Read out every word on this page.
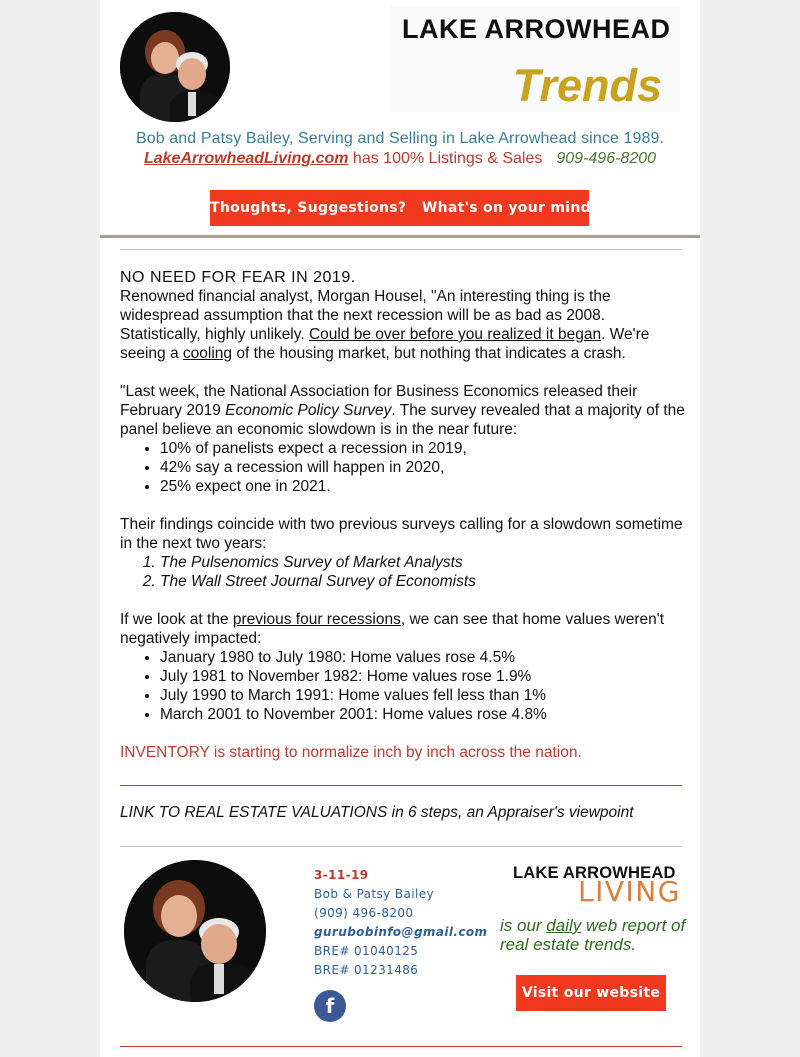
LAKE ARROWHEAD
Trends
Bob and Patsy Bailey, Serving and Selling in Lake Arrowhead since 1989.
LakeArrowheadLiving.com has 100% Listings & Sales 909-496-8200
Thoughts, Suggestions?   What's on your mind?

NO NEED FOR FEAR IN 2019.

Renowned financial analyst, Morgan Housel, "An interesting thing is the widespread assumption that the next recession will be as bad as 2008. Statistically, highly unlikely. Could be over before you realized it began. We're seeing a cooling of the housing market, but nothing that indicates a crash.

"Last week, the National Association for Business Economics released their February 2019 Economic Policy Survey. The survey revealed that a majority of the panel believe an economic slowdown is in the near future:

• 10% of panelists expect a recession in 2019,
• 42% say a recession will happen in 2020,
• 25% expect one in 2021.

Their findings coincide with two previous surveys calling for a slowdown sometime in the next two years:

1. The Pulsenomics Survey of Market Analysts
2. The Wall Street Journal Survey of Economists

If we look at the previous four recessions, we can see that home values weren't negatively impacted:

• January 1980 to July 1980: Home values rose 4.5%
• July 1981 to November 1982: Home values rose 1.9%
• July 1990 to March 1991: Home values fell less than 1%
• March 2001 to November 2001: Home values rose 4.8%

INVENTORY is starting to normalize inch by inch across the nation.

LINK TO REAL ESTATE VALUATIONS in 6 steps, an Appraiser's viewpoint
3-11-19
Bob & Patsy Bailey
(909) 496-8200
gurubobinfo@gmail.com
BRE# 01040125
BRE# 01231486
f
LAKE ARROWHEAD
LIVING
is our daily web report of real estate trends.
Visit our website
